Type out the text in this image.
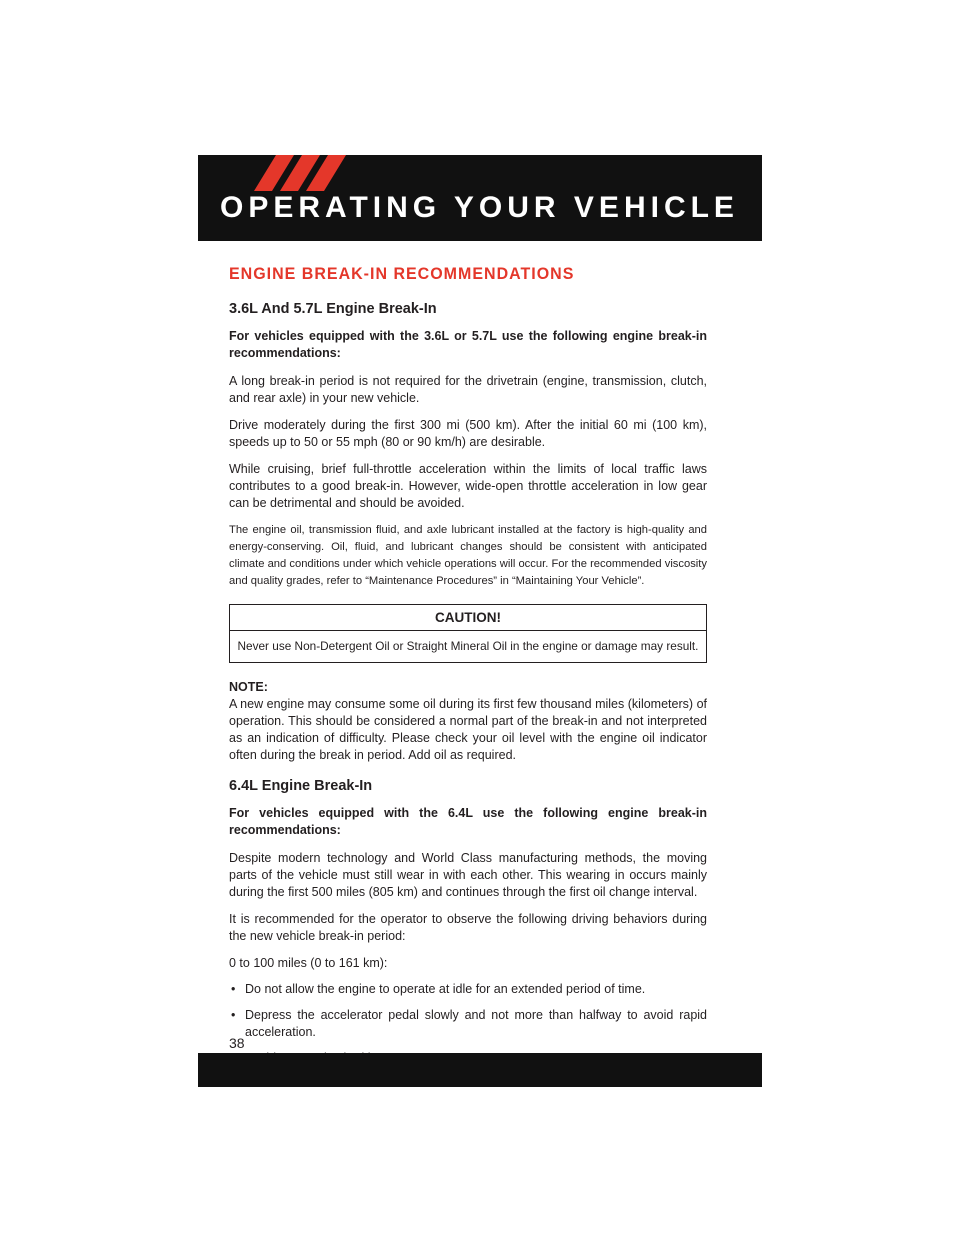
OPERATING YOUR VEHICLE
ENGINE BREAK-IN RECOMMENDATIONS
3.6L And 5.7L Engine Break-In

For vehicles equipped with the 3.6L or 5.7L use the following engine break-in recommendations:

A long break-in period is not required for the drivetrain (engine, transmission, clutch, and rear axle) in your new vehicle.

Drive moderately during the first 300 mi (500 km). After the initial 60 mi (100 km), speeds up to 50 or 55 mph (80 or 90 km/h) are desirable.

While cruising, brief full-throttle acceleration within the limits of local traffic laws contributes to a good break-in. However, wide-open throttle acceleration in low gear can be detrimental and should be avoided.

The engine oil, transmission fluid, and axle lubricant installed at the factory is high-quality and energy-conserving. Oil, fluid, and lubricant changes should be consistent with anticipated climate and conditions under which vehicle operations will occur. For the recommended viscosity and quality grades, refer to “Maintenance Procedures” in “Maintaining Your Vehicle”.

CAUTION!
Never use Non-Detergent Oil or Straight Mineral Oil in the engine or damage may result.

NOTE:

A new engine may consume some oil during its first few thousand miles (kilometers) of operation. This should be considered a normal part of the break-in and not interpreted as an indication of difficulty. Please check your oil level with the engine oil indicator often during the break in period. Add oil as required.

6.4L Engine Break-In

For vehicles equipped with the 6.4L use the following engine break-in recommendations:

Despite modern technology and World Class manufacturing methods, the moving parts of the vehicle must still wear in with each other. This wearing in occurs mainly during the first 500 miles (805 km) and continues through the first oil change interval.

It is recommended for the operator to observe the following driving behaviors during the new vehicle break-in period:

0 to 100 miles (0 to 161 km):

• Do not allow the engine to operate at idle for an extended period of time.
• Depress the accelerator pedal slowly and not more than halfway to avoid rapid acceleration.
38
